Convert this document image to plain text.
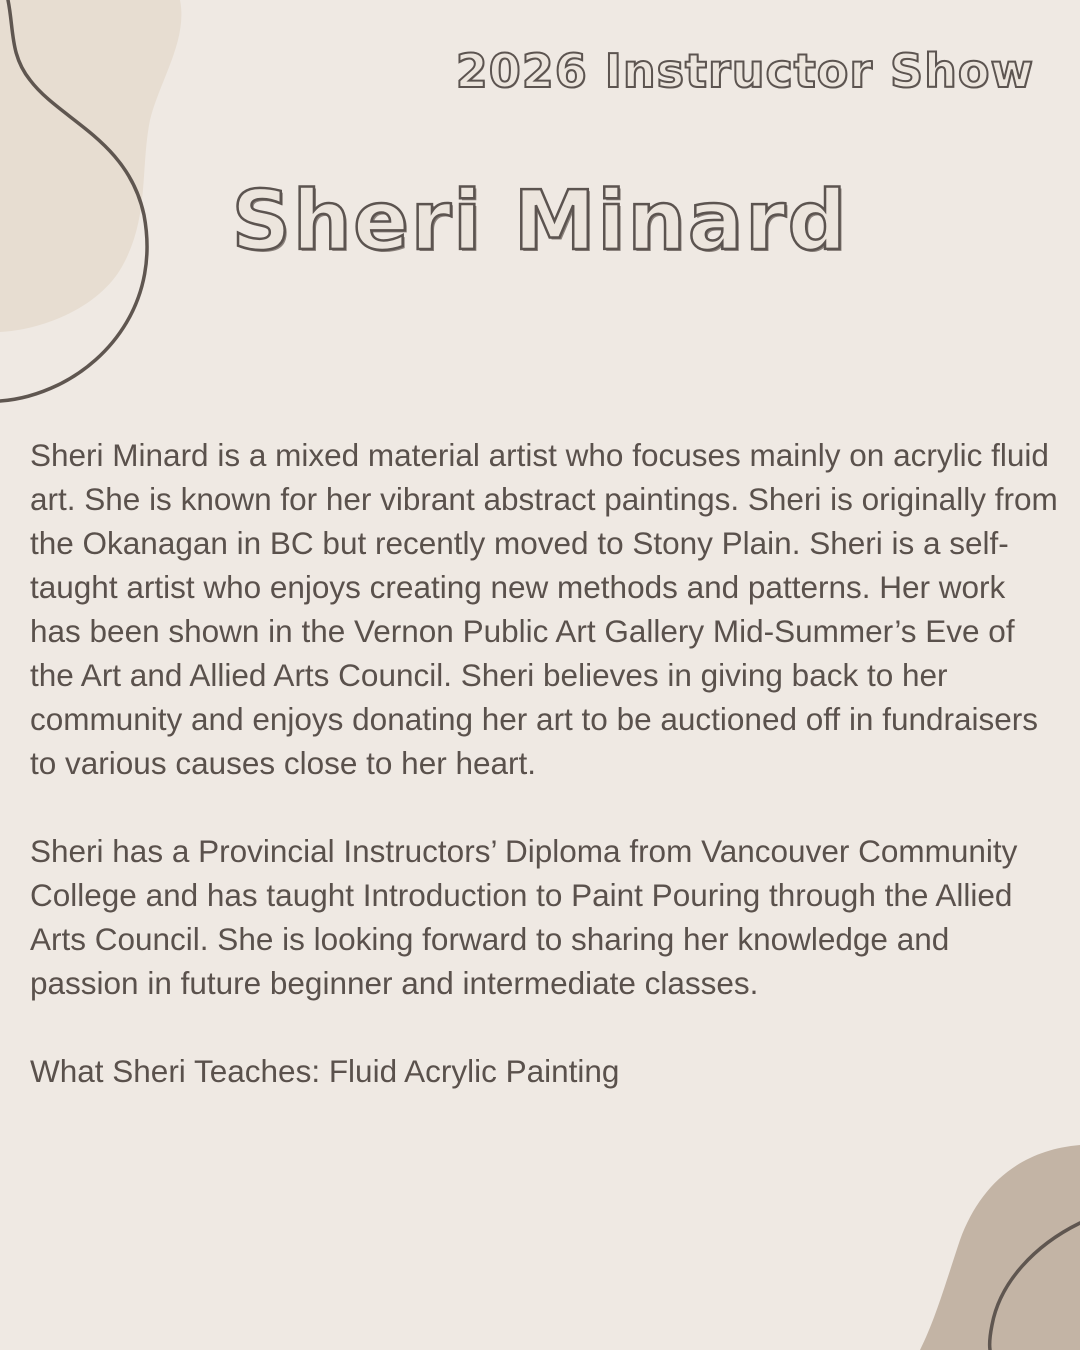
2026 Instructor Show
Sheri Minard

Sheri Minard is a mixed material artist who focuses mainly on acrylic fluid art. She is known for her vibrant abstract paintings. Sheri is originally from the Okanagan in BC but recently moved to Stony Plain. Sheri is a self-taught artist who enjoys creating new methods and patterns. Her work has been shown in the Vernon Public Art Gallery Mid-Summer’s Eve of the Art and Allied Arts Council. Sheri believes in giving back to her community and enjoys donating her art to be auctioned off in fundraisers to various causes close to her heart.

Sheri has a Provincial Instructors’ Diploma from Vancouver Community College and has taught Introduction to Paint Pouring through the Allied Arts Council. She is looking forward to sharing her knowledge and passion in future beginner and intermediate classes.

What Sheri Teaches: Fluid Acrylic Painting
